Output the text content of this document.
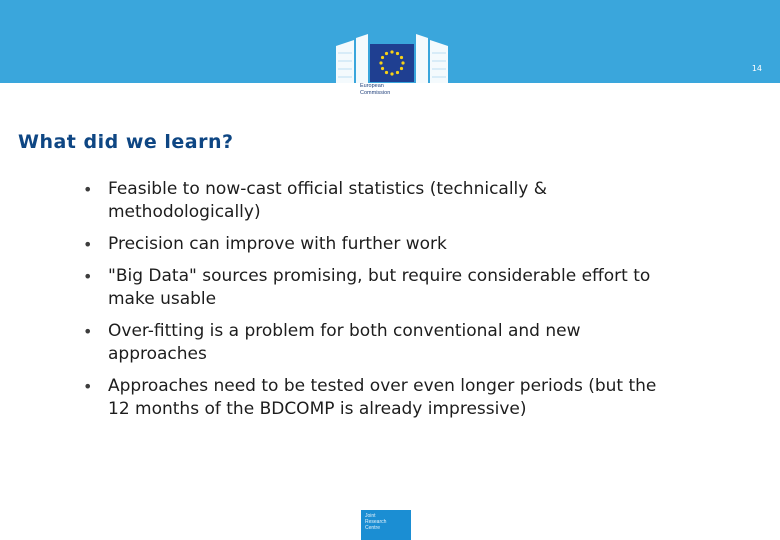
14
European
Commission
What did we learn?
• Feasible to now-cast official statistics (technically & methodologically)
• Precision can improve with further work
• "Big Data" sources promising, but require considerable effort to make usable
• Over-fitting is a problem for both conventional and new approaches
• Approaches need to be tested over even longer periods (but the 12 months of the BDCOMP is already impressive)
Joint
Research
Centre
